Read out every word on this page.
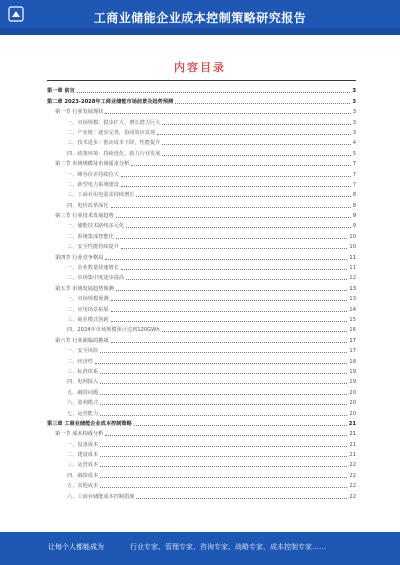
工商业储能企业成本控制策略研究报告
内容目录
第一章 前言	3
第二章 2023-2028年工商业储能市场前景及趋势预测	3
第一节 行业发展现状	3
一、市场规模：稳步扩大，增长潜力巨大	3
二、产业链：逐步完善，协同效应显现	3
三、技术进步：推动成本下降，性能提升	4
四、政策环境：持续优化，助力行业发展	5
第二节 市场规模及市场需求分析	7
一、峰谷价差持续拉大	7
二、新型电力系统建设	7
三、工商业用电需求持续增长	8
四、电价改革深化	8
第三节 行业技术发展趋势	9
一、储能技术路线多元化	9
二、系统集成智能化	10
三、安全性能持续提升	10
第四节 行业竞争格局	11
一、企业数量快速增长	11
二、市场集中度逐步提高	12
第五节 市场发展趋势预测	13
一、市场规模预测	13
二、应用场景拓展	14
三、商业模式创新	15
四、2024年市场规模预计达到120GWh	16
第六节 行业面临的挑战	17
一、安全风险	17
二、经济性	18
三、标准体系	19
四、电网接入	19
五、融资问题	20
六、盈利模式	20
七、运营能力	20
第三章 工商业储能企业成本控制策略	21
第一节 成本构成分析	21
一、设备成本	21
二、建设成本	21
三、运营成本	22
四、融资成本	22
五、其他成本	22
六、工商业储能成本控制措施	22
让每个人都能成为	行业专家、管理专家、咨询专家、战略专家、成本控制专家……
